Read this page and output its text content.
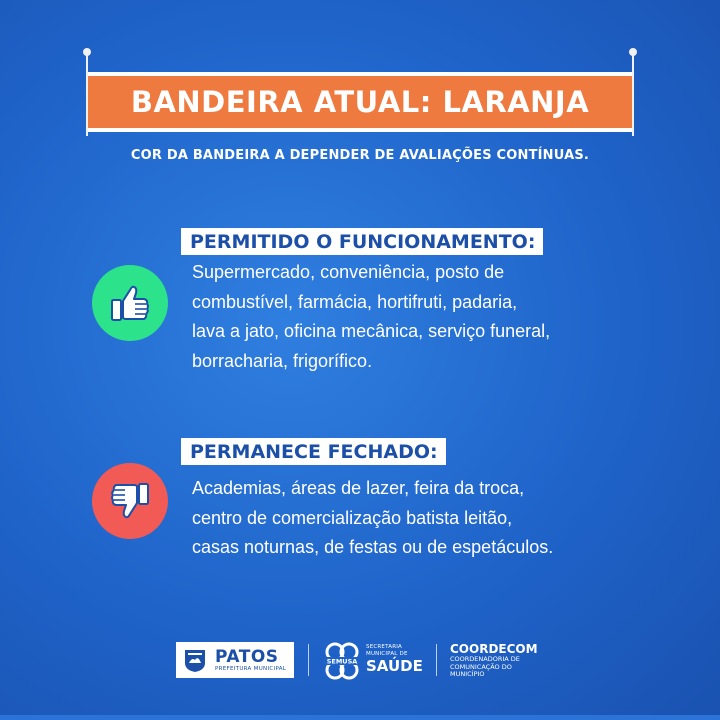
BANDEIRA ATUAL: LARANJA
COR DA BANDEIRA A DEPENDER DE AVALIAÇÕES CONTÍNUAS.
PERMITIDO O FUNCIONAMENTO:
Supermercado, conveniência, posto de
combustível, farmácia, hortifruti, padaria,
lava a jato, oficina mecânica, serviço funeral,
borracharia, frigorífico.
PERMANECE FECHADO:
Academias, áreas de lazer, feira da troca,
centro de comercialização batista leitão,
casas noturnas, de festas ou de espetáculos.
PATOS
PREFEITURA MUNICIPAL
SEMUSA
SECRETARIA
MUNICIPAL DE
SAÚDE
COORDECOM
COORDENADORIA DE
COMUNICAÇÃO DO
MUNICÍPIO
